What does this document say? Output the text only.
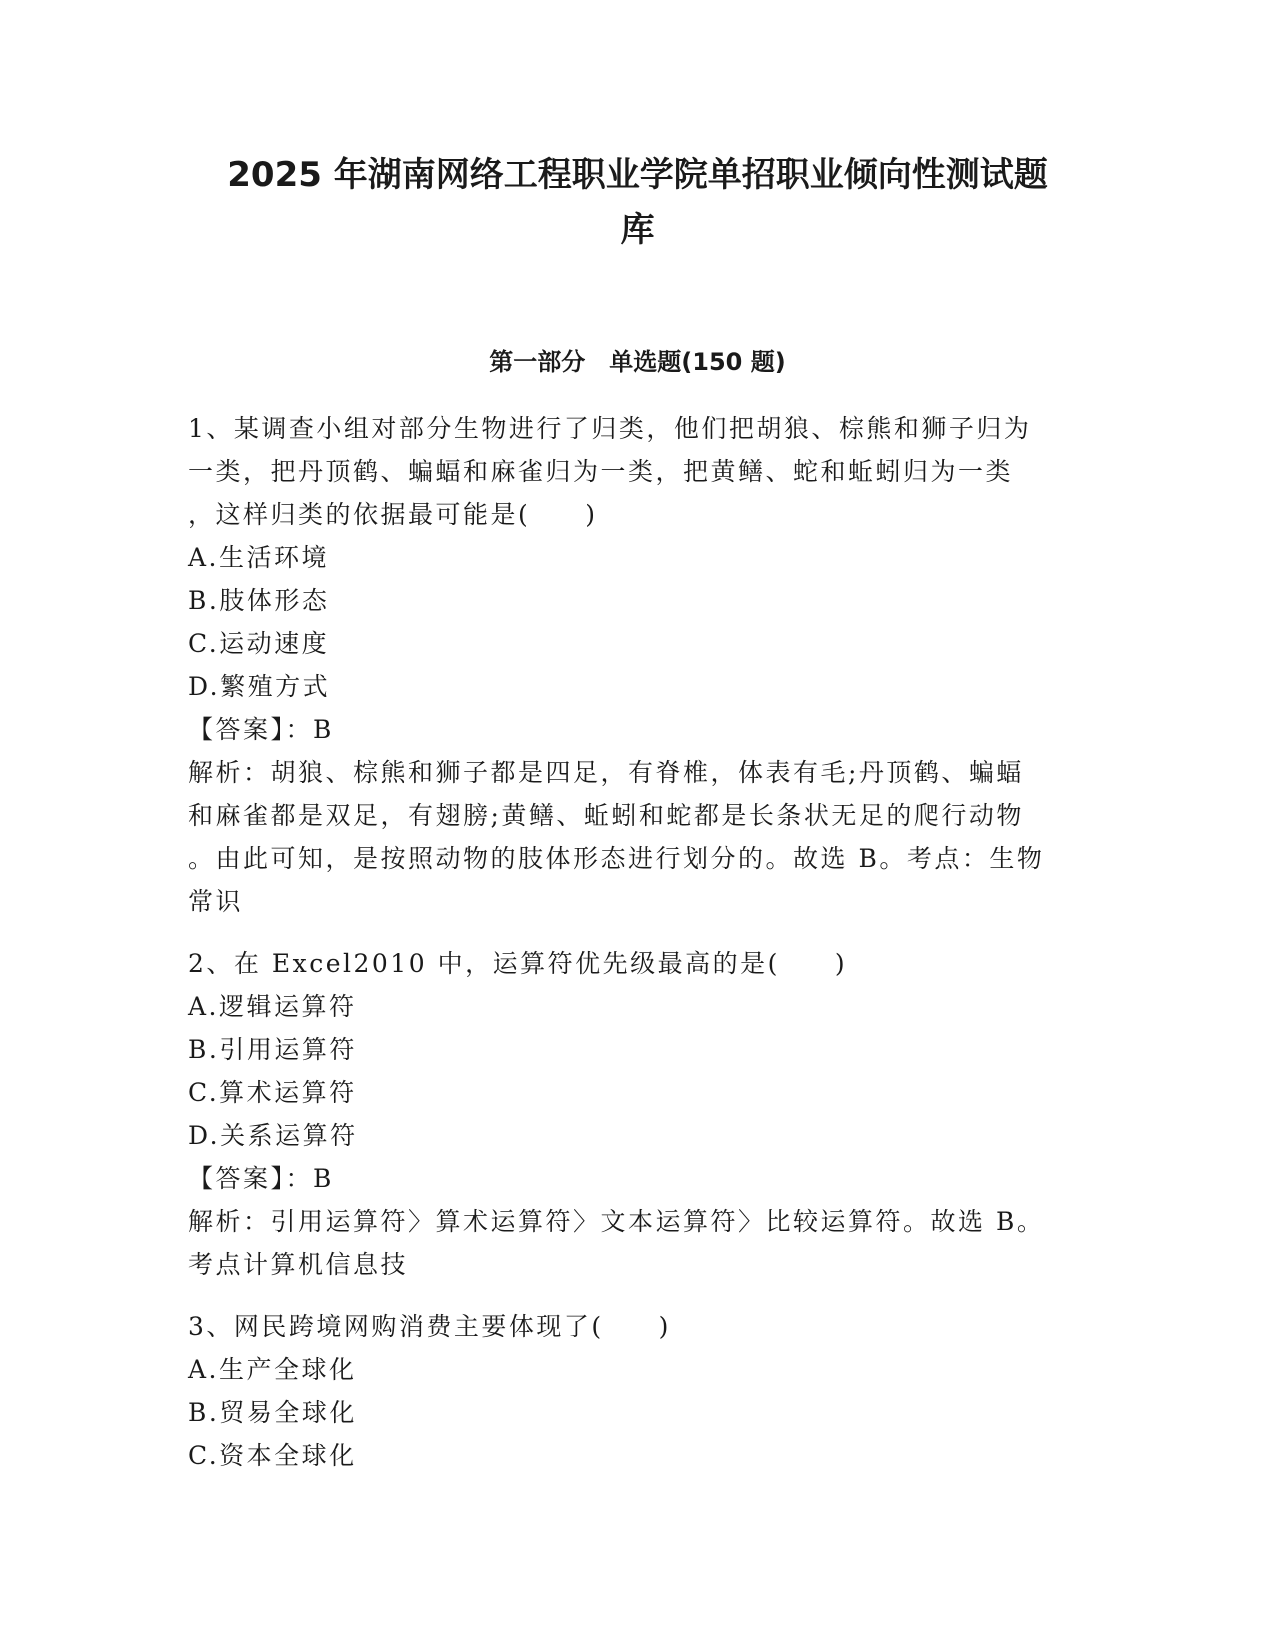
2025 年湖南网络工程职业学院单招职业倾向性测试题
库
第一部分　单选题(150 题)
1、某调查小组对部分生物进行了归类，他们把胡狼、棕熊和狮子归为
一类，把丹顶鹤、蝙蝠和麻雀归为一类，把黄鳝、蛇和蚯蚓归为一类
，这样归类的依据最可能是(　　)
A.生活环境
B.肢体形态
C.运动速度
D.繁殖方式
【答案】：B
解析：胡狼、棕熊和狮子都是四足，有脊椎，体表有毛;丹顶鹤、蝙蝠
和麻雀都是双足，有翅膀;黄鳝、蚯蚓和蛇都是长条状无足的爬行动物
。由此可知，是按照动物的肢体形态进行划分的。故选 B。考点：生物
常识
2、在 Excel2010 中，运算符优先级最高的是(　　)
A.逻辑运算符
B.引用运算符
C.算术运算符
D.关系运算符
【答案】：B
解析：引用运算符〉算术运算符〉文本运算符〉比较运算符。故选 B。
考点计算机信息技
3、网民跨境网购消费主要体现了(　　)
A.生产全球化
B.贸易全球化
C.资本全球化
